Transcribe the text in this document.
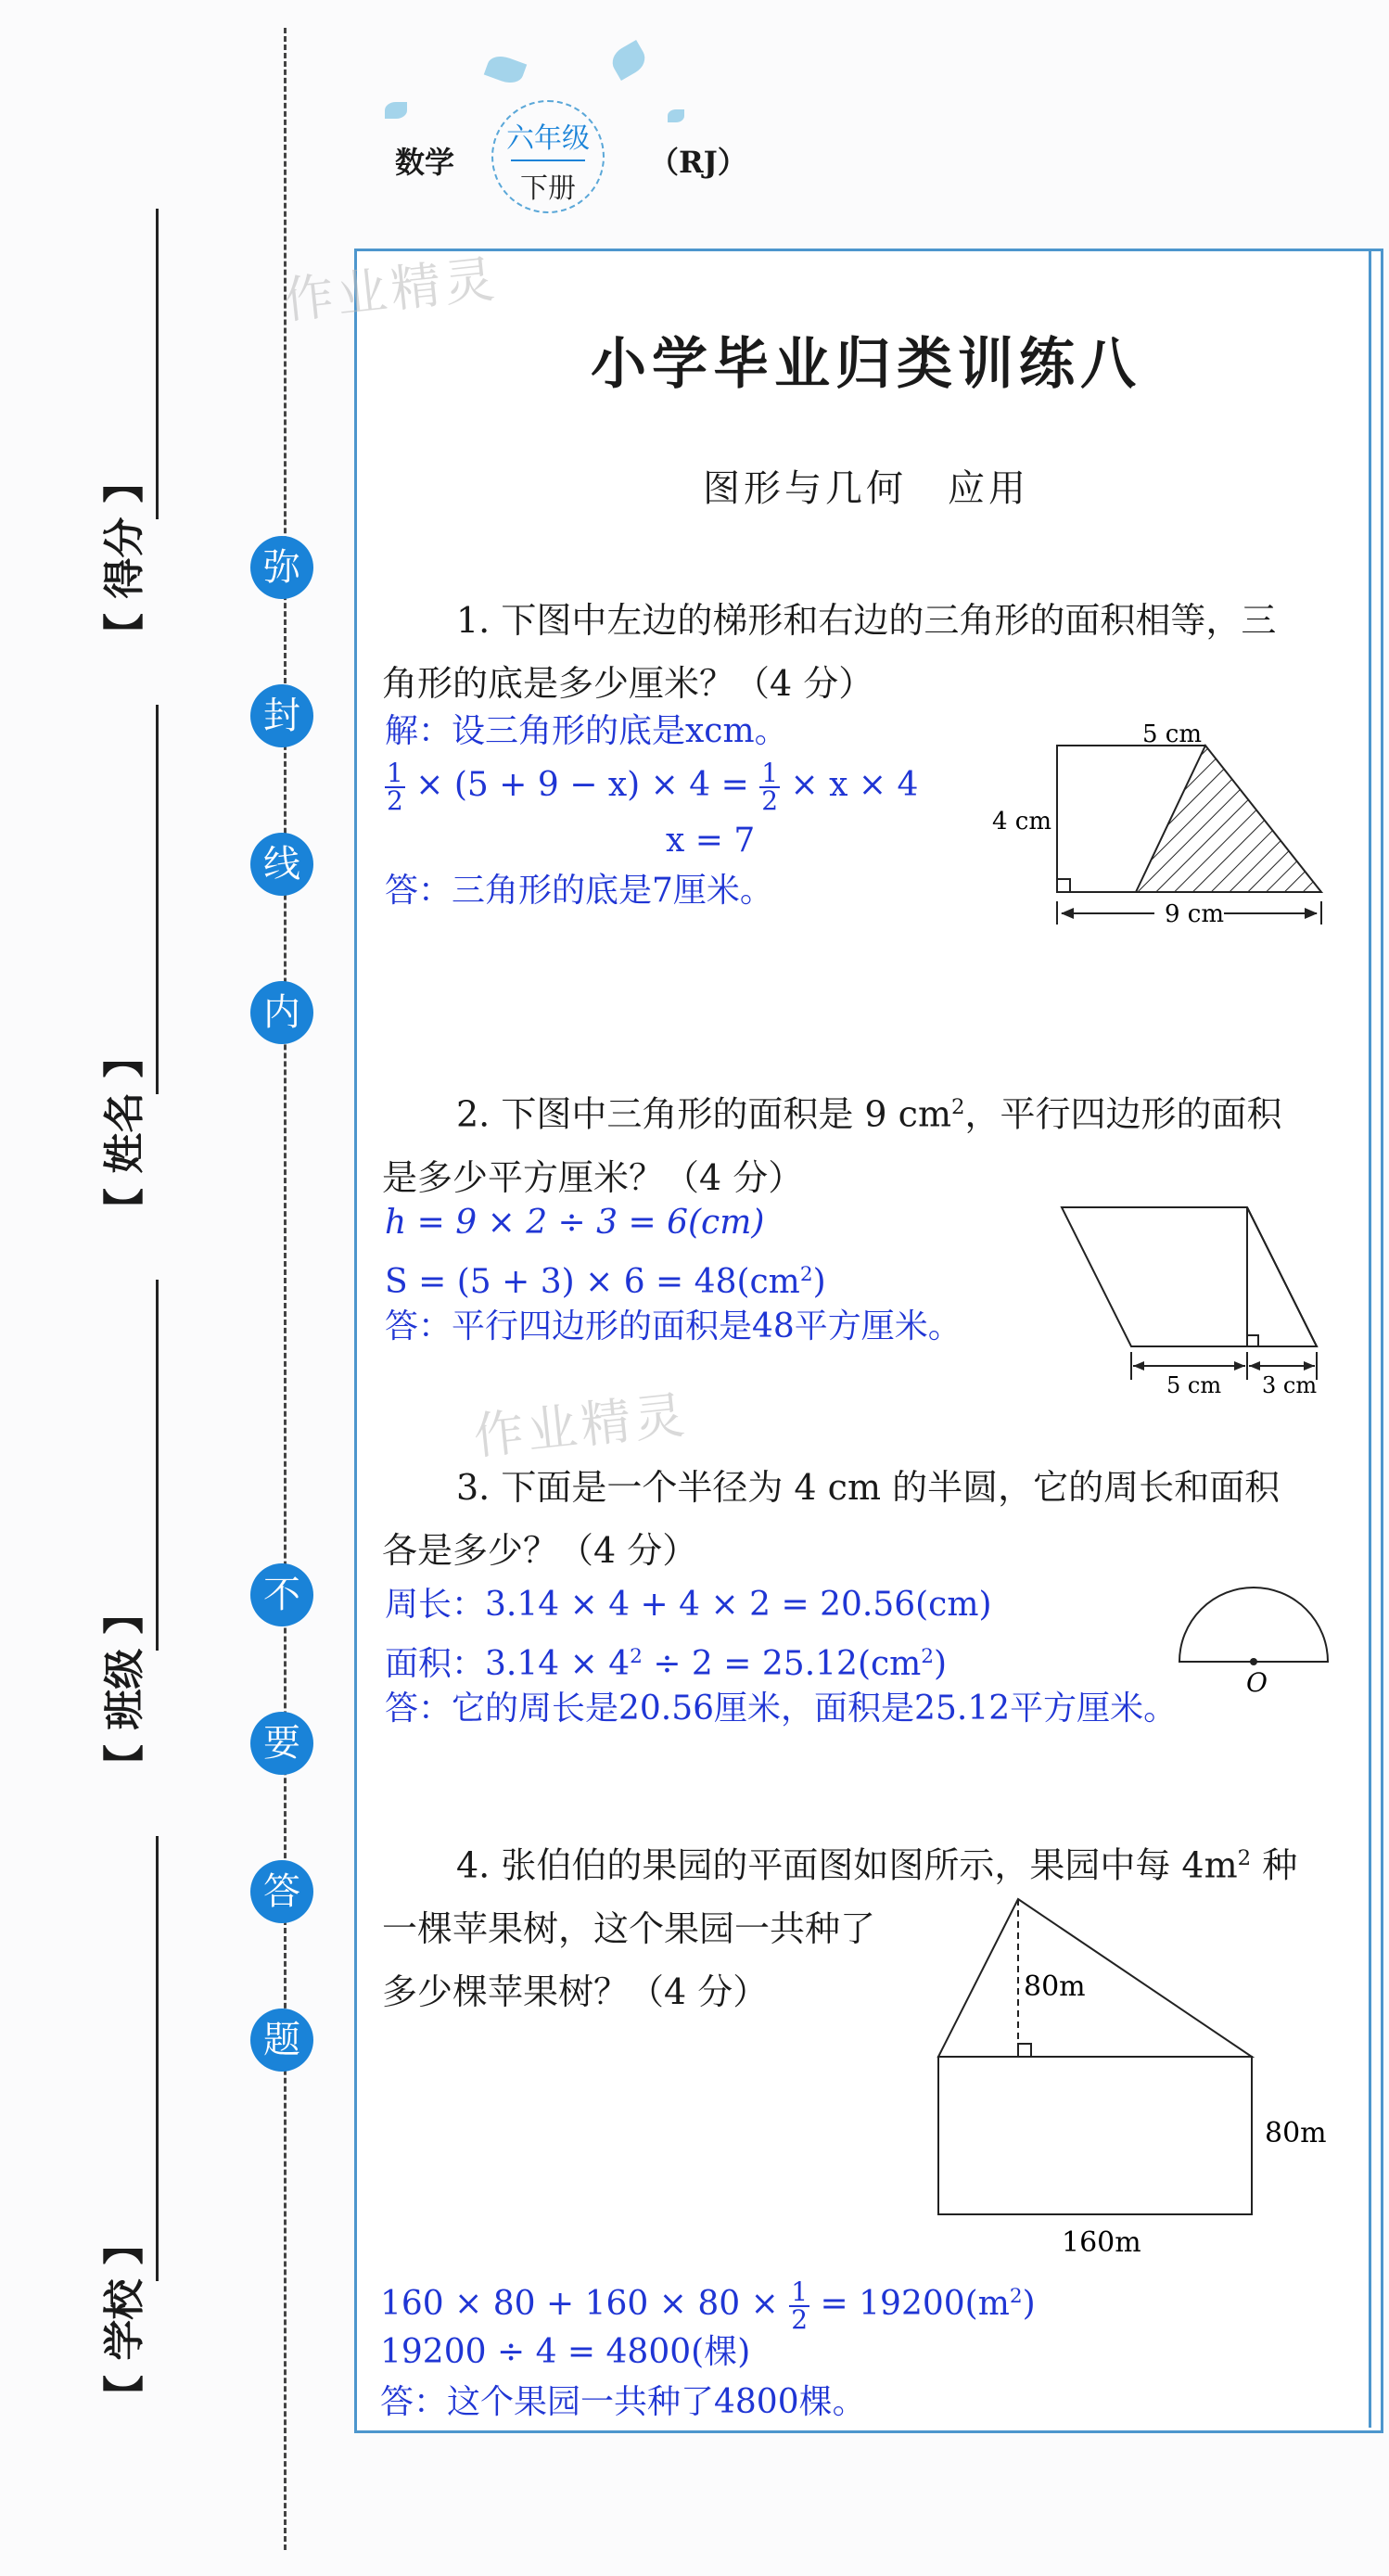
【 得分 】
【 姓名 】
【 班级 】
【 学校 】
弥
封
线
内
不
要
答
题
数学
六年级
下册
（RJ）
作业精灵
作业精灵
小学毕业归类训练八
图形与几何　应用
1. 下图中左边的梯形和右边的三角形的面积相等，三
角形的底是多少厘米？（4 分）
解：设三角形的底是xcm。
$\frac{1}{2} \times (5 + 9 - x) \times 4 = \frac{1}{2} \times x \times 4$
x = 7
答：三角形的底是7厘米。
5 cm
4 cm
9 cm
2. 下图中三角形的面积是 9 $cm^2$，平行四边形的面积
是多少平方厘米？（4 分）
h = 9 × 2 ÷ 3 = 6(cm)
$S = (5 + 3) \times 6 = 48(cm^2)$
答：平行四边形的面积是48平方厘米。
5 cm 3 cm
3. 下面是一个半径为 4 cm 的半圆，它的周长和面积
各是多少？（4 分）
周长：3.14 × 4 + 4 × 2 = 20.56(cm)
面积：$3.14 \times 4^2 \div 2 = 25.12(cm^2)$
答：它的周长是20.56厘米，面积是25.12平方厘米。
O
4. 张伯伯的果园的平面图如图所示，果园中每 $4m^2$ 种
一棵苹果树，这个果园一共种了
多少棵苹果树？（4 分）	80m
80m
160m
$160 \times 80 + 160 \times 80 \times \frac{1}{2} = 19200(m^2)$
19200 ÷ 4 = 4800(棵)
答：这个果园一共种了4800棵。
